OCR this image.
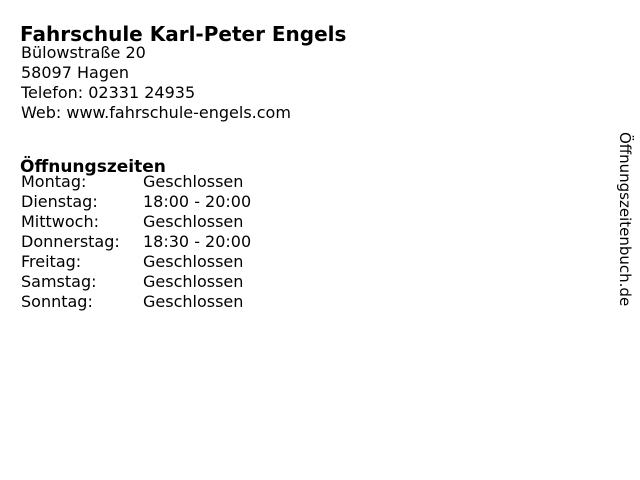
Fahrschule Karl-Peter Engels
Bülowstraße 20
58097 Hagen
Telefon: 02331 24935
Web: www.fahrschule-engels.com
Öffnungszeiten
Montag:	Geschlossen
Dienstag:	18:00 - 20:00
Mittwoch:	Geschlossen
Donnerstag:	18:30 - 20:00
Freitag:	Geschlossen
Samstag:	Geschlossen
Sonntag:	Geschlossen	Öffnungszeitenbuch.de
